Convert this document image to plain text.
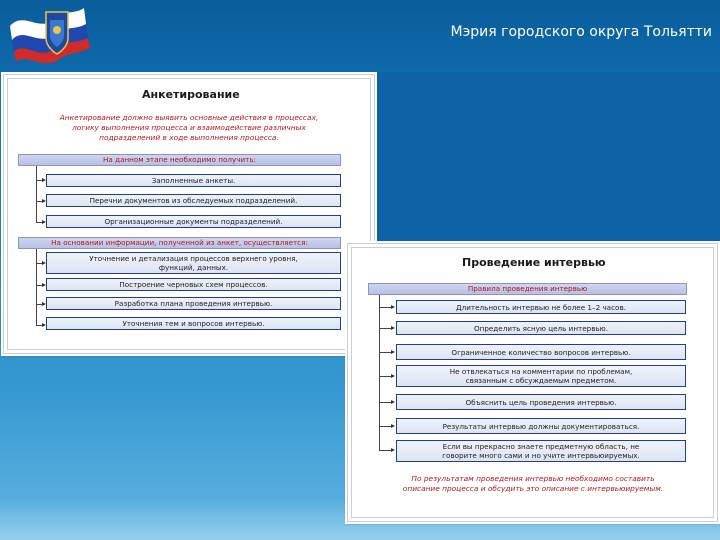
Мэрия городского округа Тольятти
Анкетирование
Анкетирование должно выявить основные действия в процессах,
логику выполнения процесса и взаимодействие различных
подразделений в ходе выполнения процесса.
На данном этапе необходимо получить:
Заполненные анкеты.
Перечни документов из обследуемых подразделений.
Организационные документы подразделений.
На основании информации, полученной из анкет, осуществляется:
Уточнение и детализация процессов верхнего уровня, функций, данных.
Построение черновых схем процессов.
Разработка плана проведения интервью.
Уточнения тем и вопросов интервью.
Проведение интервью
Правила проведения интервью
Длительность интервью не более 1–2 часов.
Определить ясную цель интервью.
Ограниченное количество вопросов интервью.
Не отвлекаться на комментарии по проблемам, связанным с обсуждаемым предметом.
Объяснить цель проведения интервью.
Результаты интервью должны документироваться.
Если вы прекрасно знаете предметную область, не говорите много сами и но учите интервьюируемых.
По результатам проведения интервью необходимо составить
описание процесса и обсудить это описание с интервьюируемым.
